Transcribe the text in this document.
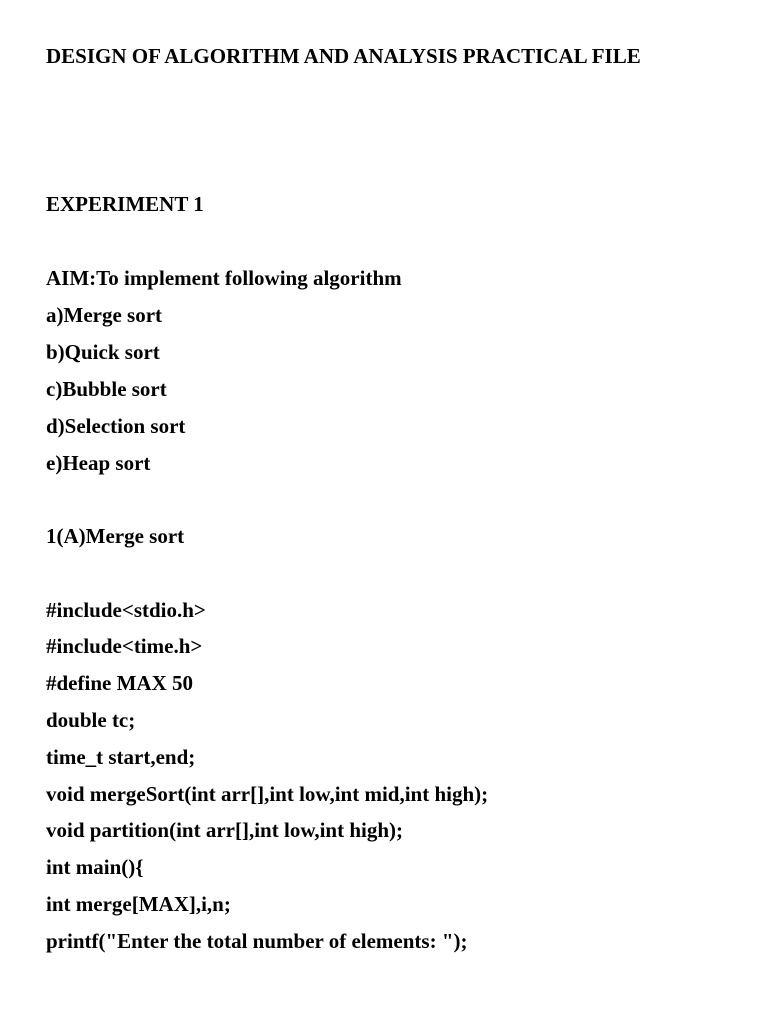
DESIGN OF ALGORITHM AND ANALYSIS PRACTICAL FILE
EXPERIMENT 1
AIM:To implement following algorithm
a)Merge sort
b)Quick sort
c)Bubble sort
d)Selection sort
e)Heap sort
1(A)Merge sort
#include<stdio.h>
#include<time.h>
#define MAX 50
double tc;
time_t start,end;
void mergeSort(int arr[],int low,int mid,int high);
void partition(int arr[],int low,int high);
int main(){
int merge[MAX],i,n;
printf("Enter the total number of elements: ");
